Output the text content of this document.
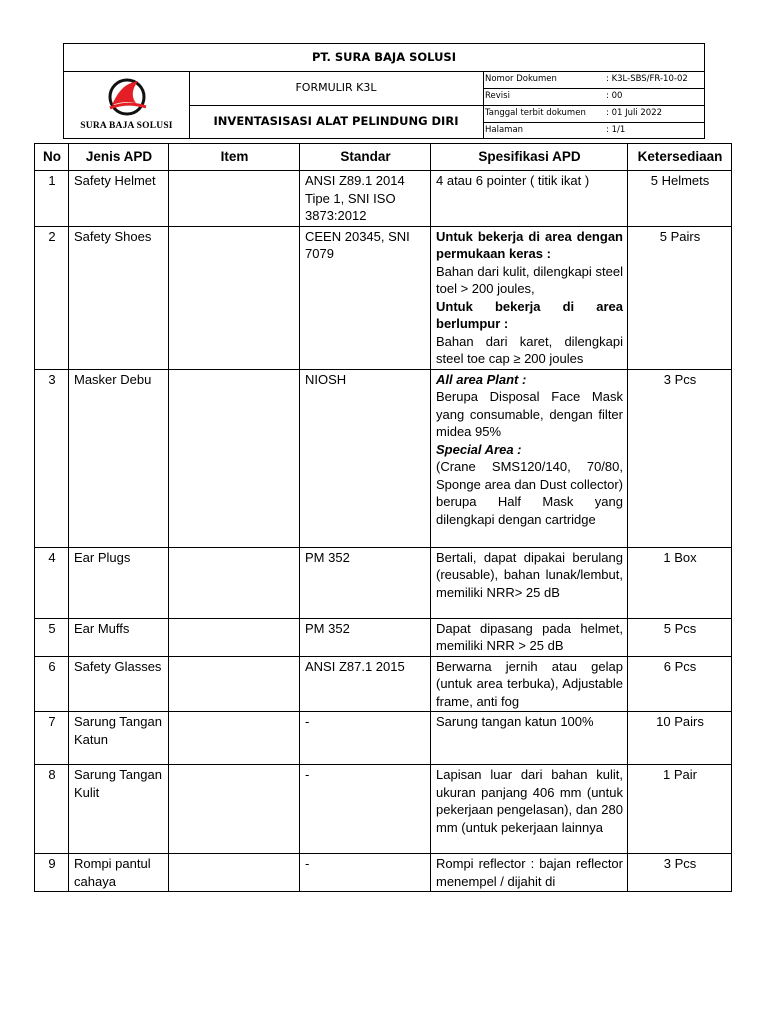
PT. SURA BAJA SOLUSI
SURA BAJA SOLUSI
FORMULIR K3L
INVENTASISASI ALAT PELINDUNG DIRI
Nomor Dokumen	: K3L-SBS/FR-10-02
Revisi	: 00
Tanggal terbit dokumen : 01 Juli 2022
Halaman	: 1/1
No	Jenis APD	Item	Standar	Spesifikasi APD	Ketersediaan
1	Safety Helmet		ANSI Z89.1 2014 Tipe 1, SNI ISO 3873:2012	4 atau 6 pointer ( titik ikat )	5 Helmets
2	Safety Shoes		CEEN 20345, SNI 7079	Untuk bekerja di area dengan permukaan keras :
Bahan dari kulit, dilengkapi steel toel > 200 joules,
Untuk bekerja di area berlumpur :
Bahan dari karet, dilengkapi steel toe cap ≥ 200 joules	5 Pairs
3	Masker Debu		NIOSH	All area Plant :
Berupa Disposal Face Mask yang consumable, dengan filter midea 95%
Special Area :
(Crane SMS120/140, 70/80, Sponge area dan Dust collector) berupa Half Mask yang dilengkapi dengan cartridge	3 Pcs
4	Ear Plugs		PM 352	Bertali, dapat dipakai berulang (reusable), bahan lunak/lembut, memiliki NRR> 25 dB	1 Box
5	Ear Muffs		PM 352	Dapat dipasang pada helmet, memiliki NRR > 25 dB	5 Pcs
6	Safety Glasses		ANSI Z87.1 2015	Berwarna jernih atau gelap (untuk area terbuka), Adjustable frame, anti fog	6 Pcs
7	Sarung Tangan Katun		-	Sarung tangan katun 100%	10 Pairs
8	Sarung Tangan Kulit		-	Lapisan luar dari bahan kulit, ukuran panjang 406 mm (untuk pekerjaan pengelasan), dan 280 mm (untuk pekerjaan lainnya	1 Pair
9	Rompi pantul cahaya		-	Rompi reflector : bajan reflector menempel / dijahit di	3 Pcs
